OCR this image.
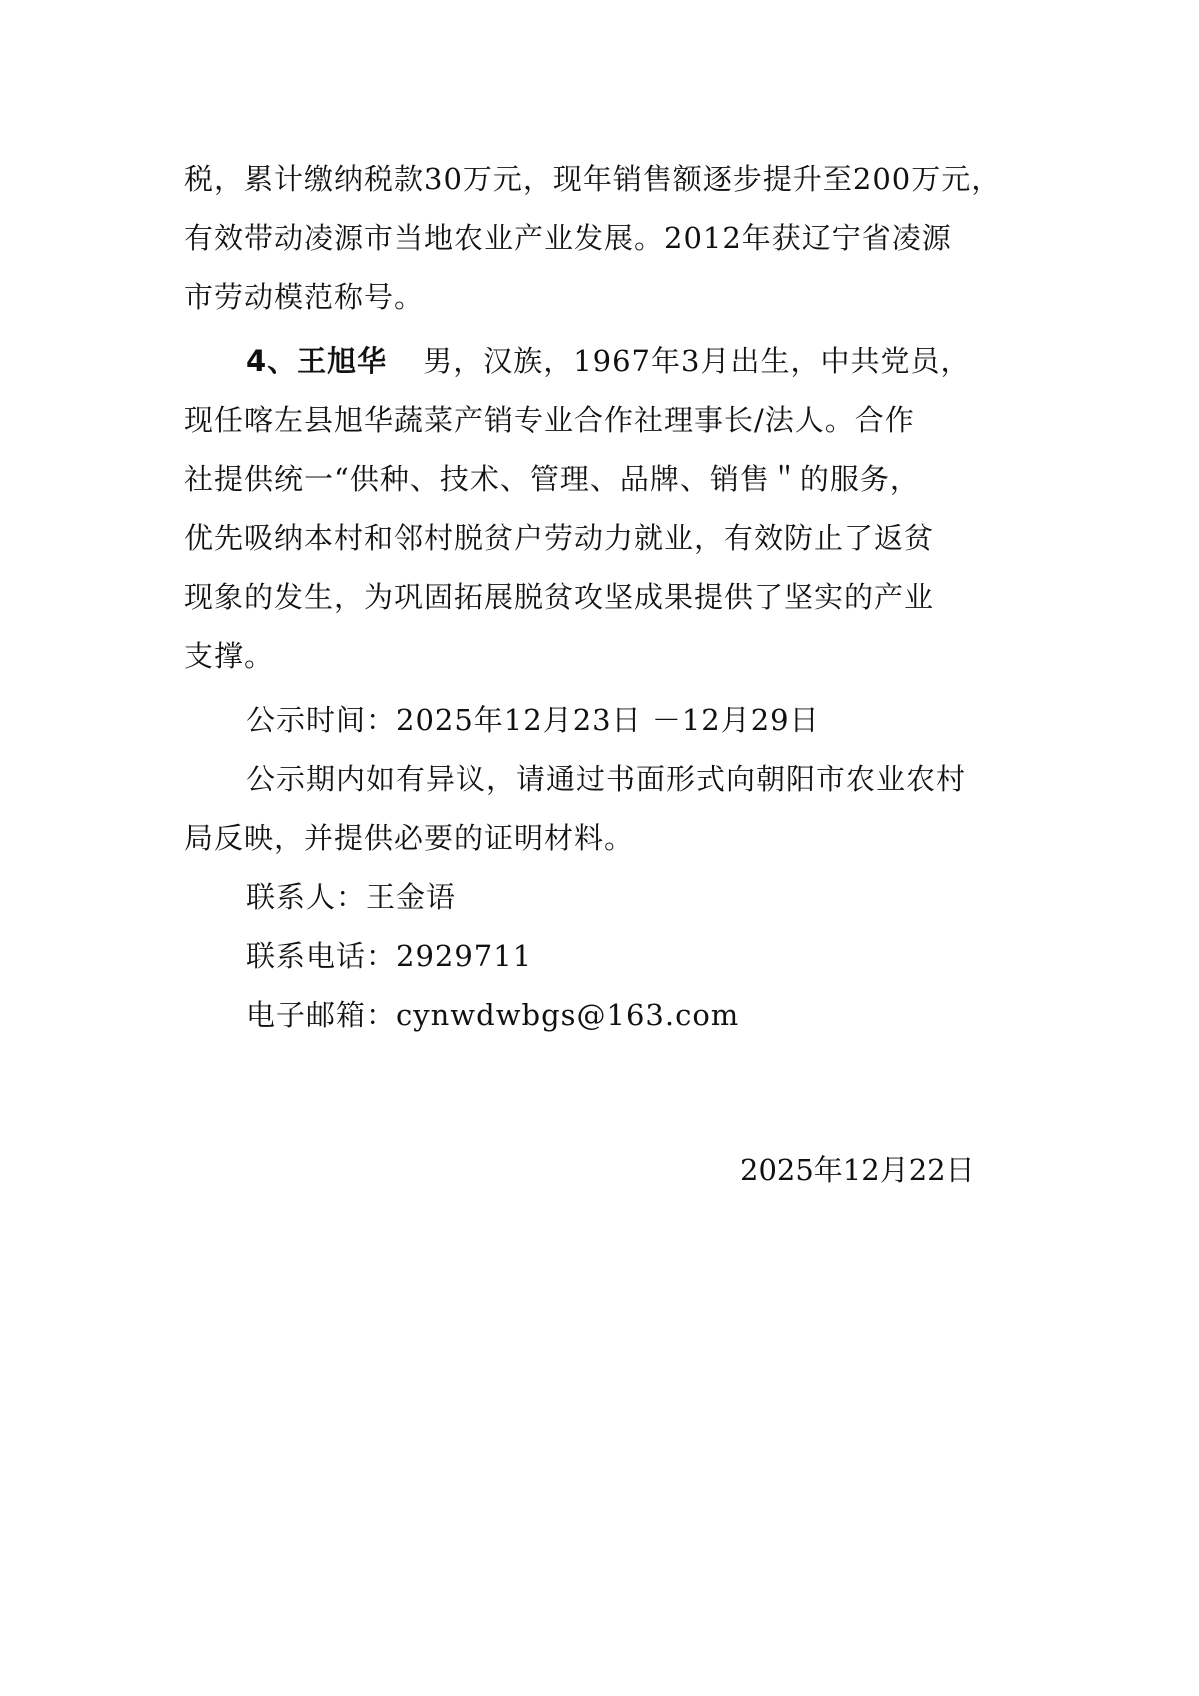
税，累计缴纳税款30万元，现年销售额逐步提升至200万元，
有效带动凌源市当地农业产业发展。2012年获辽宁省凌源
市劳动模范称号。
4、王旭华 男，汉族，1967年3月出生，中共党员，
现任喀左县旭华蔬菜产销专业合作社理事长/法人。合作
社提供统一“供种、技术、管理、品牌、销售＂的服务，
优先吸纳本村和邻村脱贫户劳动力就业，有效防止了返贫
现象的发生，为巩固拓展脱贫攻坚成果提供了坚实的产业
支撑。
公示时间：2025年12月23日 －12月29日
公示期内如有异议，请通过书面形式向朝阳市农业农村
局反映，并提供必要的证明材料。
联系人：王金语
联系电话：2929711
电子邮箱：cynwdwbgs@163.com
2025年12月22日
